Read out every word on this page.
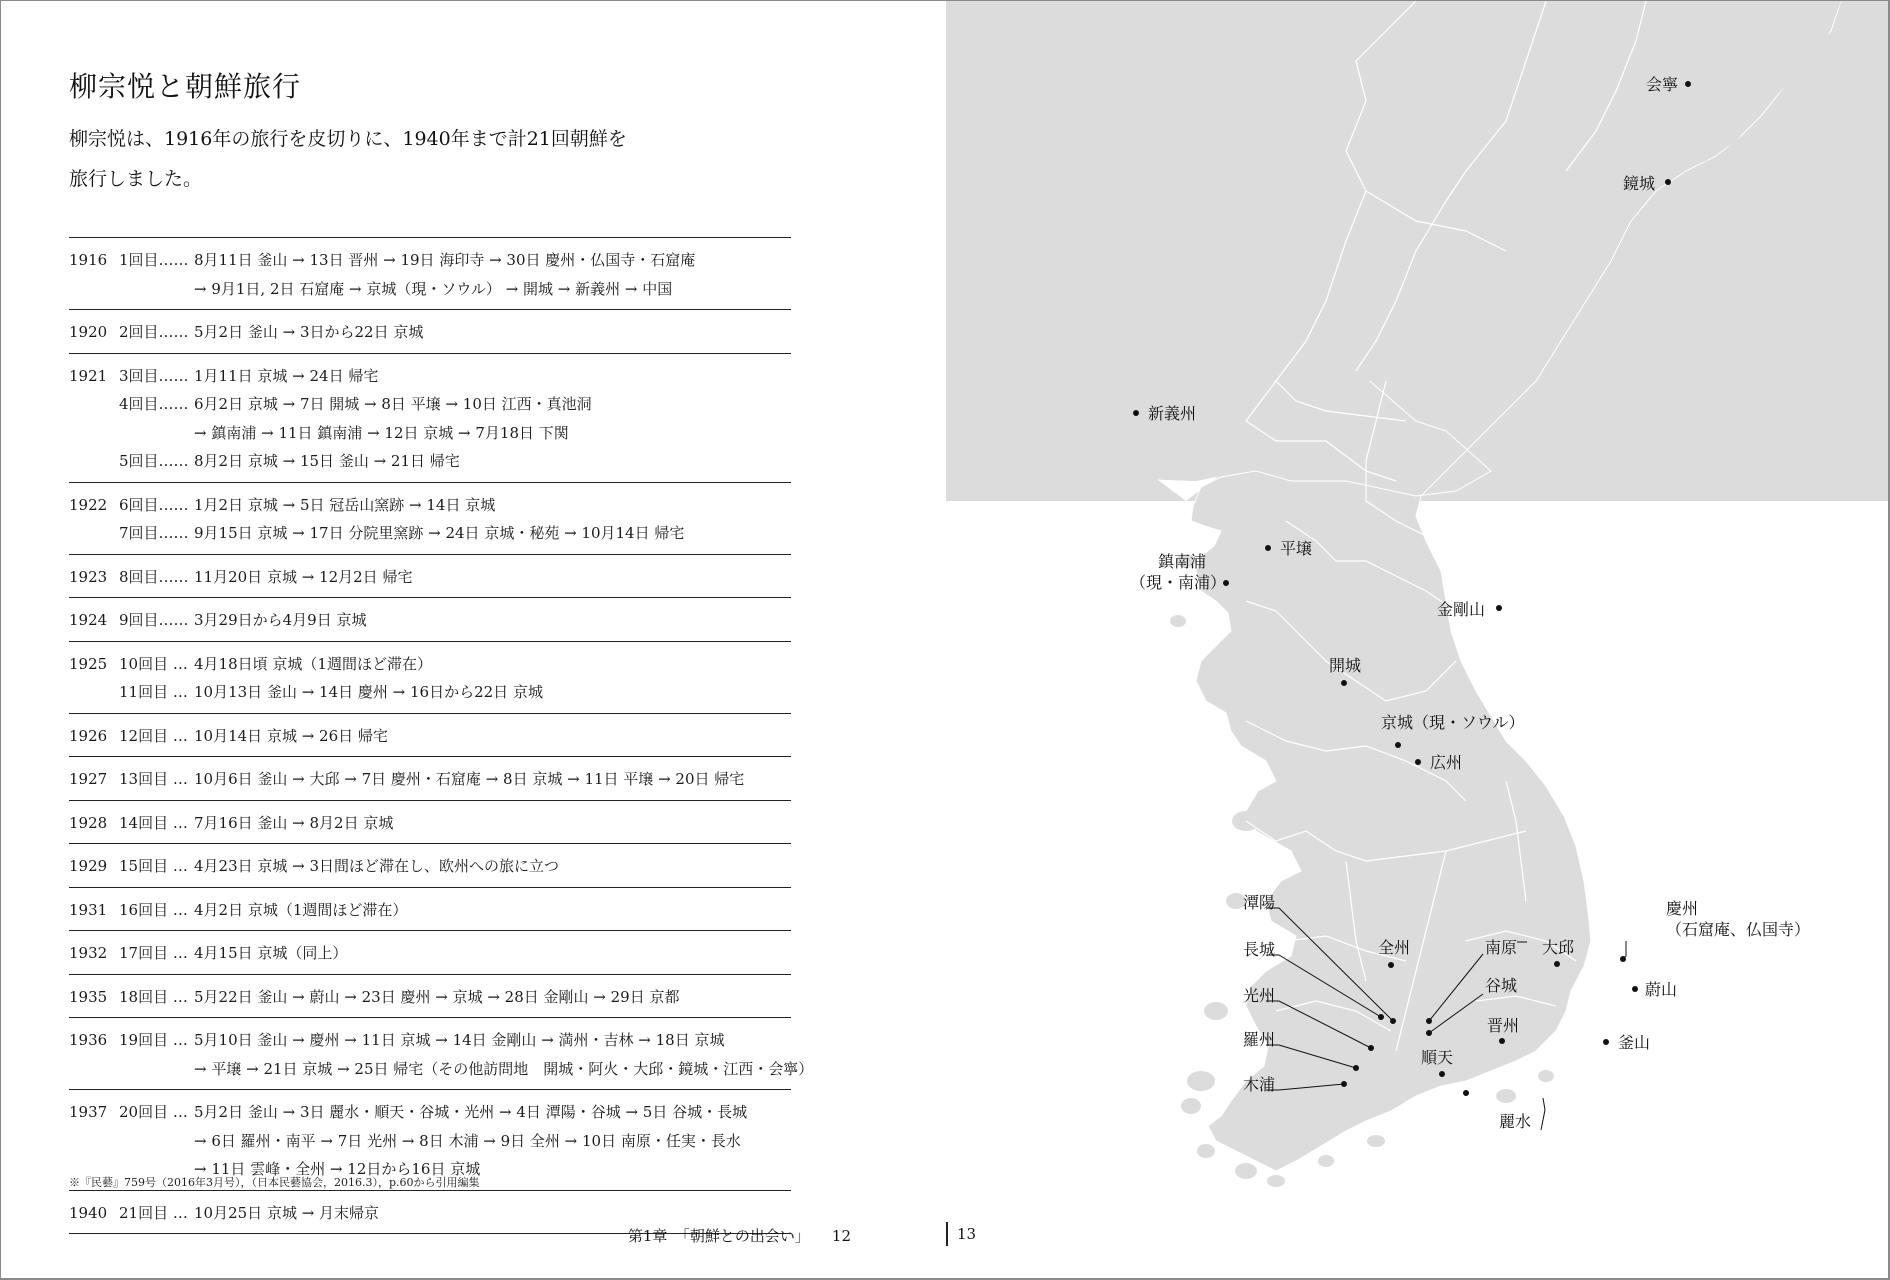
柳宗悦と朝鮮旅行
柳宗悦は、1916年の旅行を皮切りに、1940年まで計21回朝鮮を
旅行しました。
1916 1回目…… 8月11日 釜山 → 13日 晋州 → 19日 海印寺 → 30日 慶州・仏国寺・石窟庵
→ 9月1日, 2日 石窟庵 → 京城（現・ソウル） → 開城 → 新義州 → 中国
1920 2回目…… 5月2日 釜山 → 3日から22日 京城
1921 3回目…… 1月11日 京城 → 24日 帰宅
4回目…… 6月2日 京城 → 7日 開城 → 8日 平壌 → 10日 江西・真池洞
→ 鎮南浦 → 11日 鎮南浦 → 12日 京城 → 7月18日 下関
5回目…… 8月2日 京城 → 15日 釜山 → 21日 帰宅
1922 6回目…… 1月2日 京城 → 5日 冠岳山窯跡 → 14日 京城
7回目…… 9月15日 京城 → 17日 分院里窯跡 → 24日 京城・秘苑 → 10月14日 帰宅
1923 8回目…… 11月20日 京城 → 12月2日 帰宅
1924 9回目…… 3月29日から4月9日 京城
1925 10回目 … 4月18日頃 京城（1週間ほど滞在）
11回目 … 10月13日 釜山 → 14日 慶州 → 16日から22日 京城
1926 12回目 … 10月14日 京城 → 26日 帰宅
1927 13回目 … 10月6日 釜山 → 大邱 → 7日 慶州・石窟庵 → 8日 京城 → 11日 平壌 → 20日 帰宅
1928 14回目 … 7月16日 釜山 → 8月2日 京城
1929 15回目 … 4月23日 京城 → 3日間ほど滞在し、欧州への旅に立つ
1931 16回目 … 4月2日 京城（1週間ほど滞在）
1932 17回目 … 4月15日 京城（同上）
1935 18回目 … 5月22日 釜山 → 蔚山 → 23日 慶州 → 京城 → 28日 金剛山 → 29日 京都
1936 19回目 … 5月10日 釜山 → 慶州 → 11日 京城 → 14日 金剛山 → 満州・吉林 → 18日 京城
→ 平壌 → 21日 京城 → 25日 帰宅（その他訪問地　開城・阿火・大邱・鏡城・江西・会寧）
1937 20回目 … 5月2日 釜山 → 3日 麗水・順天・谷城・光州 → 4日 潭陽・谷城 → 5日 谷城・長城
→ 6日 羅州・南平 → 7日 光州 → 8日 木浦 → 9日 全州 → 10日 南原・任実・長水
→ 11日 雲峰・全州 → 12日から16日 京城
1940 21回目 … 10月25日 京城 → 月末帰京
※『民藝』759号（2016年3月号），（日本民藝協会，2016.3），p.60から引用編集
第1章　「朝鮮との出会い」 12
会寧
鏡城
新義州
平壌
鎮南浦
（現・南浦）
金剛山
開城
京城（現・ソウル）
広州
潭陽
長城
光州
羅州
木浦
全州	南原 大邱
谷城
晋州
順天
麗水
慶州
（石窟庵、仏国寺）
蔚山
釜山
13
